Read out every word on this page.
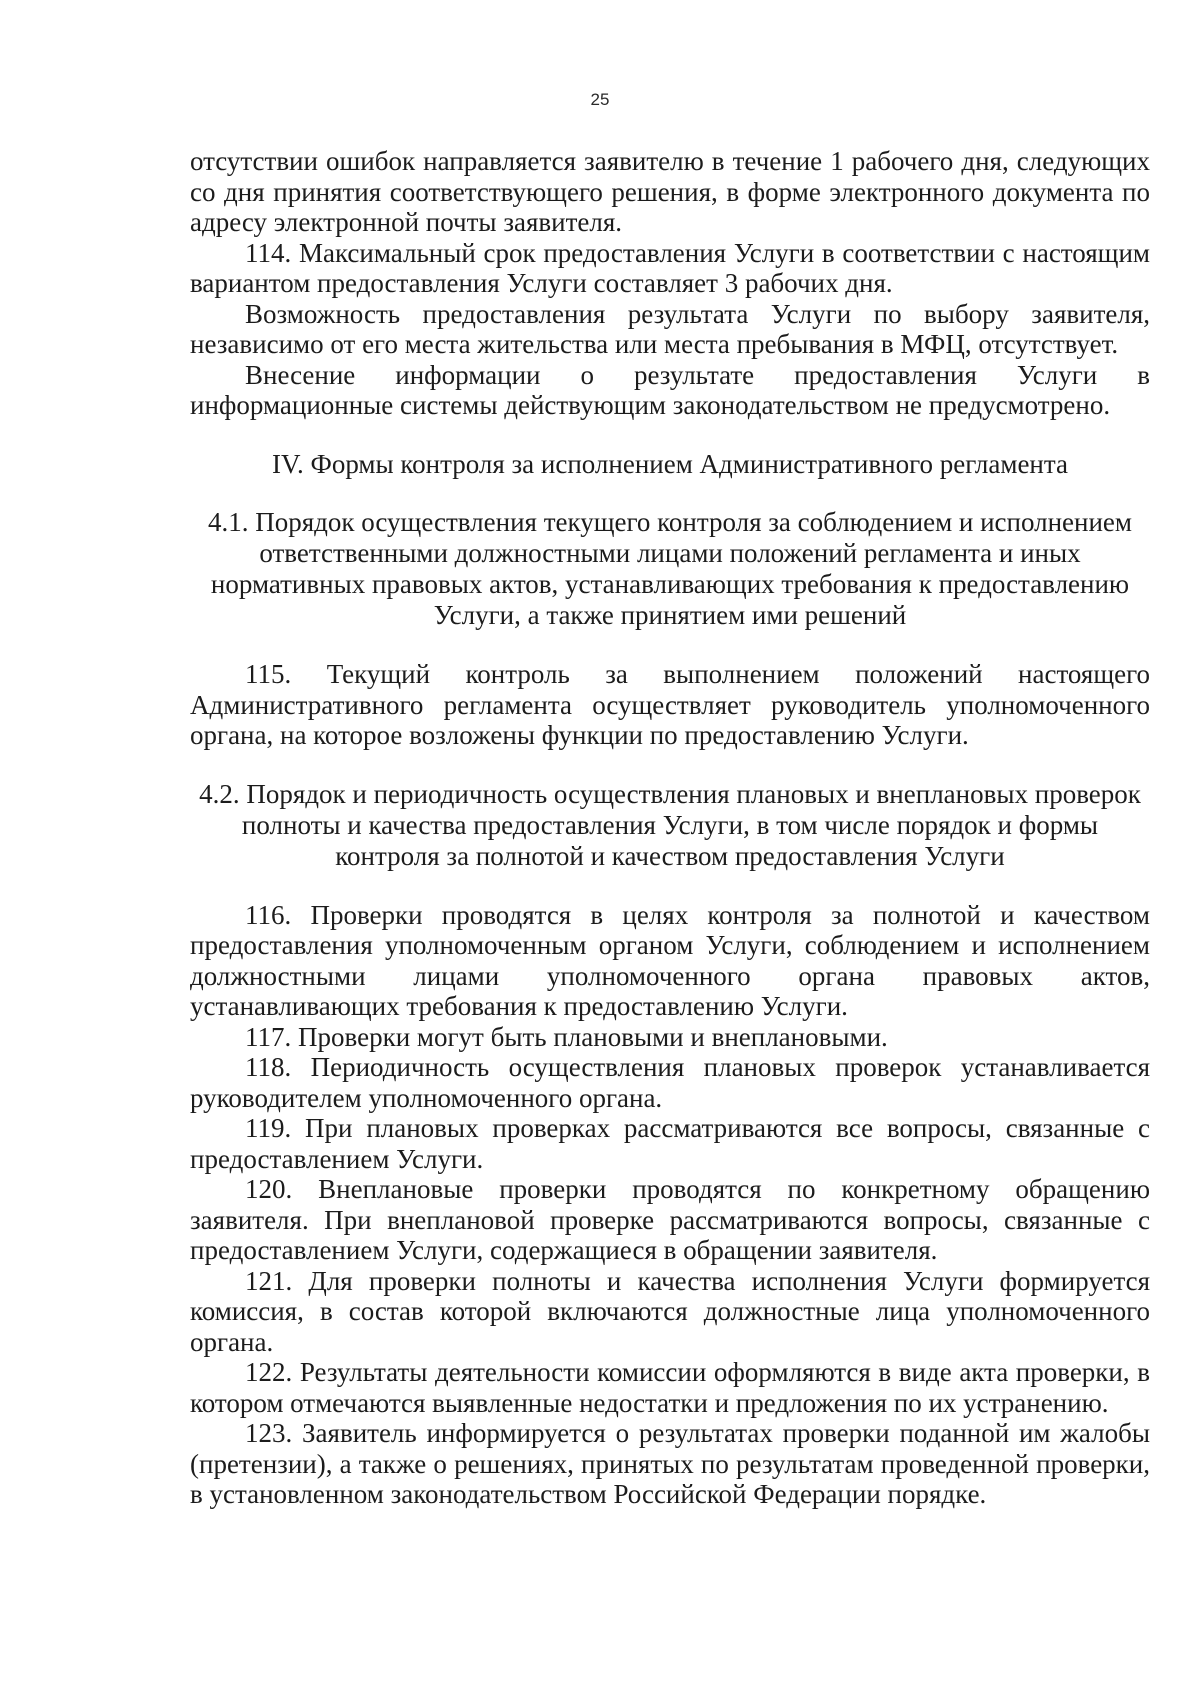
25

отсутствии ошибок направляется заявителю в течение 1 рабочего дня, следующих со дня принятия соответствующего решения, в форме электронного документа по адресу электронной почты заявителя.

114. Максимальный срок предоставления Услуги в соответствии с настоящим вариантом предоставления Услуги составляет 3 рабочих дня.

Возможность предоставления результата Услуги по выбору заявителя, независимо от его места жительства или места пребывания в МФЦ, отсутствует.

Внесение информации о результате предоставления Услуги в информационные системы действующим законодательством не предусмотрено.

IV. Формы контроля за исполнением Административного регламента

4.1. Порядок осуществления текущего контроля за соблюдением и исполнением ответственными должностными лицами положений регламента и иных нормативных правовых актов, устанавливающих требования к предоставлению Услуги, а также принятием ими решений

115. Текущий контроль за выполнением положений настоящего Административного регламента осуществляет руководитель уполномоченного органа, на которое возложены функции по предоставлению Услуги.

4.2. Порядок и периодичность осуществления плановых и внеплановых проверок полноты и качества предоставления Услуги, в том числе порядок и формы контроля за полнотой и качеством предоставления Услуги

116. Проверки проводятся в целях контроля за полнотой и качеством предоставления уполномоченным органом Услуги, соблюдением и исполнением должностными лицами уполномоченного органа правовых актов, устанавливающих требования к предоставлению Услуги.

117. Проверки могут быть плановыми и внеплановыми.

118. Периодичность осуществления плановых проверок устанавливается руководителем уполномоченного органа.

119. При плановых проверках рассматриваются все вопросы, связанные с предоставлением Услуги.

120. Внеплановые проверки проводятся по конкретному обращению заявителя. При внеплановой проверке рассматриваются вопросы, связанные с предоставлением Услуги, содержащиеся в обращении заявителя.

121. Для проверки полноты и качества исполнения Услуги формируется комиссия, в состав которой включаются должностные лица уполномоченного органа.

122. Результаты деятельности комиссии оформляются в виде акта проверки, в котором отмечаются выявленные недостатки и предложения по их устранению.

123. Заявитель информируется о результатах проверки поданной им жалобы (претензии), а также о решениях, принятых по результатам проведенной проверки, в установленном законодательством Российской Федерации порядке.
